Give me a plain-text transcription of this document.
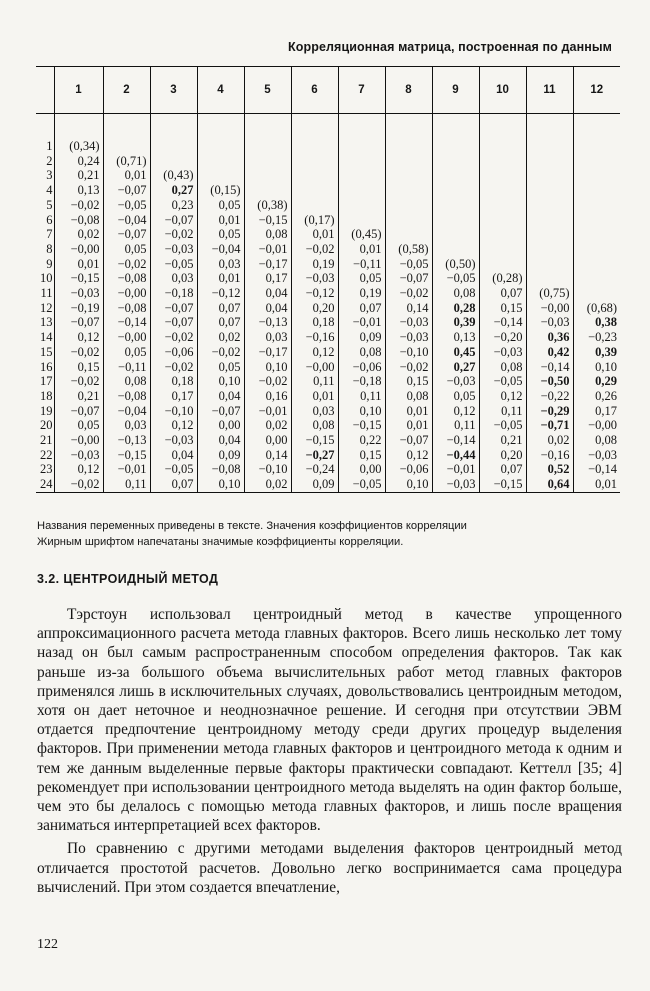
Корреляционная матрица, построенная по данным
	1	2	3	4	5	6	7	8	9	10	11	12

1	(0,34)											
2	0,24	(0,71)										
3	0,21	0,01	(0,43)									
4	0,13	−0,07	0,27	(0,15)								
5	−0,02	−0,05	0,23	0,05	(0,38)							
6	−0,08	−0,04	−0,07	0,01	−0,15	(0,17)						
7	0,02	−0,07	−0,02	0,05	0,08	0,01	(0,45)					
8	−0,00	0,05	−0,03	−0,04	−0,01	−0,02	0,01	(0,58)				
9	0,01	−0,02	−0,05	0,03	−0,17	0,19	−0,11	−0,05	(0,50)			
10	−0,15	−0,08	0,03	0,01	0,17	−0,03	0,05	−0,07	−0,05	(0,28)		
11	−0,03	−0,00	−0,18	−0,12	0,04	−0,12	0,19	−0,02	0,08	0,07	(0,75)	
12	−0,19	−0,08	−0,07	0,07	0,04	0,20	0,07	0,14	0,28	0,15	−0,00	(0,68)
13	−0,07	−0,14	−0,07	0,07	−0,13	0,18	−0,01	−0,03	0,39	−0,14	−0,03	0,38
14	0,12	−0,00	−0,02	0,02	0,03	−0,16	0,09	−0,03	0,13	−0,20	0,36	−0,23
15	−0,02	0,05	−0,06	−0,02	−0,17	0,12	0,08	−0,10	0,45	−0,03	0,42	0,39
16	0,15	−0,11	−0,02	0,05	0,10	−0,00	−0,06	−0,02	0,27	0,08	−0,14	0,10
17	−0,02	0,08	0,18	0,10	−0,02	0,11	−0,18	0,15	−0,03	−0,05	−0,50	0,29
18	0,21	−0,08	0,17	0,04	0,16	0,01	0,11	0,08	0,05	0,12	−0,22	0,26
19	−0,07	−0,04	−0,10	−0,07	−0,01	0,03	0,10	0,01	0,12	0,11	−0,29	0,17
20	0,05	0,03	0,12	0,00	0,02	0,08	−0,15	0,01	0,11	−0,05	−0,71	−0,00
21	−0,00	−0,13	−0,03	0,04	0,00	−0,15	0,22	−0,07	−0,14	0,21	0,02	0,08
22	−0,03	−0,15	0,04	0,09	0,14	−0,27	0,15	0,12	−0,44	0,20	−0,16	−0,03
23	0,12	−0,01	−0,05	−0,08	−0,10	−0,24	0,00	−0,06	−0,01	0,07	0,52	−0,14
24	−0,02	0,11	0,07	0,10	0,02	0,09	−0,05	0,10	−0,03	−0,15	0,64	0,01
Названия переменных приведены в тексте. Значения коэффициентов корреляции
Жирным шрифтом напечатаны значимые коэффициенты корреляции.
3.2. ЦЕНТРОИДНЫЙ МЕТОД

Тэрстоун использовал центроидный метод в качестве упрощенного аппроксимационного расчета метода главных факторов. Всего лишь несколько лет тому назад он был самым распространенным способом определения факторов. Так как раньше из-за большого объема вычислительных работ метод главных факторов применялся лишь в исключительных случаях, довольствовались центроидным методом, хотя он дает неточное и неоднозначное решение. И сегодня при отсутствии ЭВМ отдается предпочтение центроидному методу среди других процедур выделения факторов. При применении метода главных факторов и центроидного метода к одним и тем же данным выделенные первые факторы практически совпадают. Кеттелл [35; 4] рекомендует при использовании центроидного метода выделять на один фактор больше, чем это бы делалось с помощью метода главных факторов, и лишь после вращения заниматься интерпретацией всех факторов.

По сравнению с другими методами выделения факторов центроидный метод отличается простотой расчетов. Довольно легко воспринимается сама процедура вычислений. При этом создается впечатление,

122
